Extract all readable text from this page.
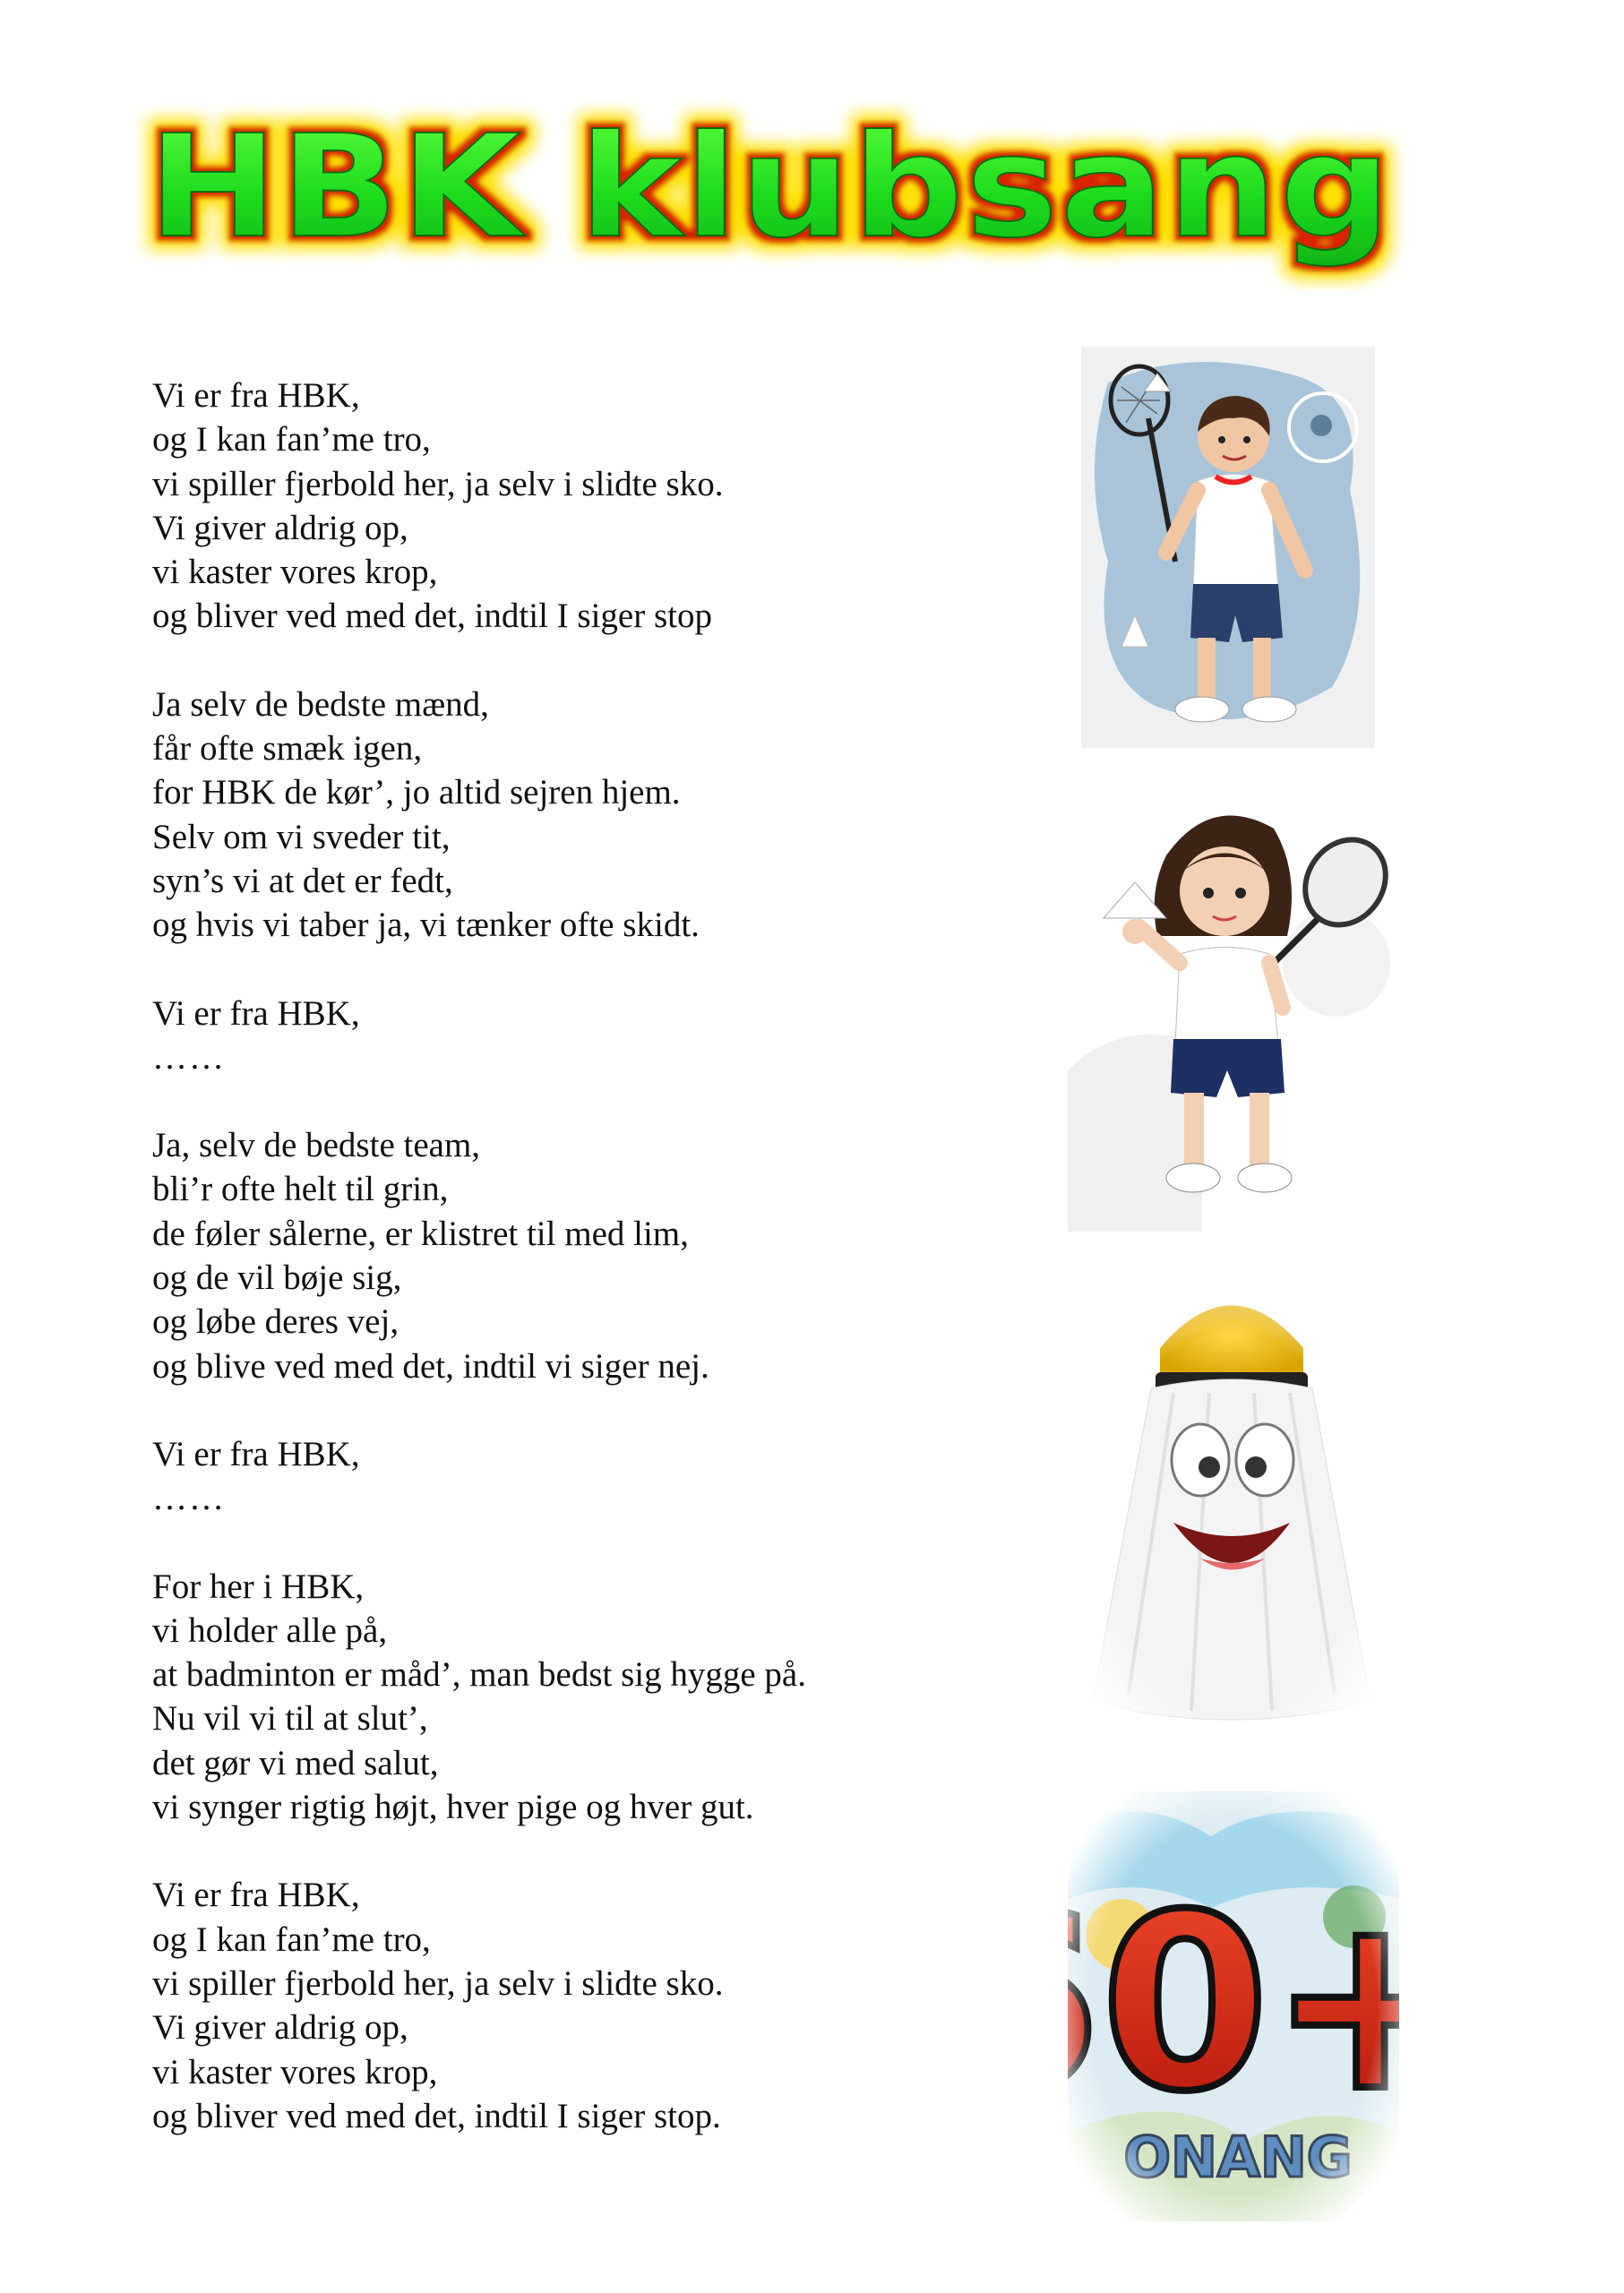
HBK klubsang
Vi er fra HBK,
og I kan fan’me tro,
vi spiller fjerbold her, ja selv i slidte sko.
Vi giver aldrig op,
vi kaster vores krop,
og bliver ved med det, indtil I siger stop
Ja selv de bedste mænd,
får ofte smæk igen,
for HBK de kør’, jo altid sejren hjem.
Selv om vi sveder tit,
syn’s vi at det er fedt,
og hvis vi taber ja, vi tænker ofte skidt.
Vi er fra HBK,
……
Ja, selv de bedste team,
bli’r ofte helt til grin,
de føler sålerne, er klistret til med lim,
og de vil bøje sig,
og løbe deres vej,
og blive ved med det, indtil vi siger nej.
Vi er fra HBK,
……
For her i HBK,
vi holder alle på,
at badminton er måd’, man bedst sig hygge på.
Nu vil vi til at slut’,
det gør vi med salut,
vi synger rigtig højt, hver pige og hver gut.
Vi er fra HBK,
og I kan fan’me tro,
vi spiller fjerbold her, ja selv i slidte sko.
Vi giver aldrig op,
vi kaster vores krop,
og bliver ved med det, indtil I siger stop.
